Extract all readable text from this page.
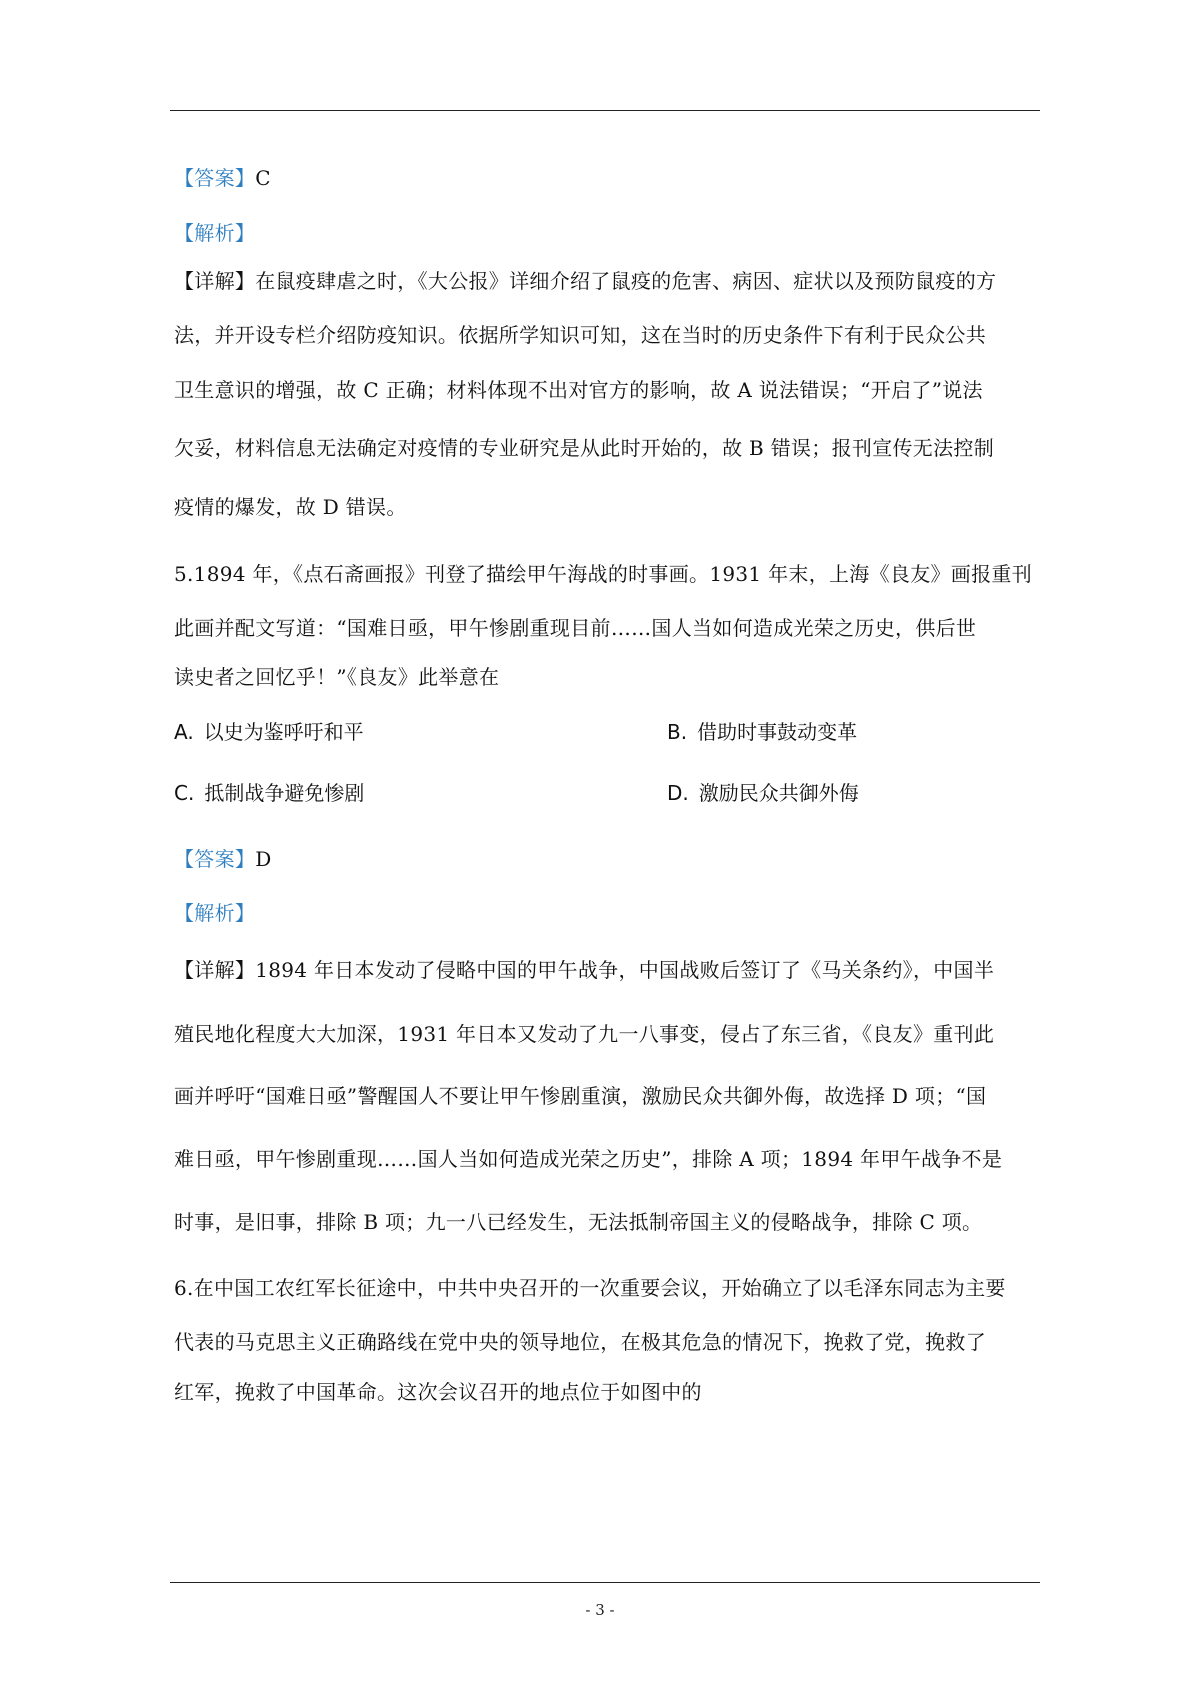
【答案】C
【解析】
【详解】在鼠疫肆虐之时，《大公报》详细介绍了鼠疫的危害、病因、症状以及预防鼠疫的方
法，并开设专栏介绍防疫知识。依据所学知识可知，这在当时的历史条件下有利于民众公共
卫生意识的增强，故 C 正确；材料体现不出对官方的影响，故 A 说法错误；“开启了”说法
欠妥，材料信息无法确定对疫情的专业研究是从此时开始的，故 B 错误；报刊宣传无法控制
疫情的爆发，故 D 错误。
5.1894 年，《点石斋画报》刊登了描绘甲午海战的时事画。1931 年末，上海《良友》画报重刊
此画并配文写道：“国难日亟，甲午惨剧重现目前……国人当如何造成光荣之历史，供后世
读史者之回忆乎！”《良友》此举意在
A. 以史为鉴呼吁和平	B. 借助时事鼓动变革
C. 抵制战争避免惨剧	D. 激励民众共御外侮
【答案】D
【解析】
【详解】1894 年日本发动了侵略中国的甲午战争，中国战败后签订了《马关条约》，中国半
殖民地化程度大大加深，1931 年日本又发动了九一八事变，侵占了东三省，《良友》重刊此
画并呼吁“国难日亟”警醒国人不要让甲午惨剧重演，激励民众共御外侮，故选择 D 项；“国
难日亟，甲午惨剧重现……国人当如何造成光荣之历史”，排除 A 项；1894 年甲午战争不是
时事，是旧事，排除 B 项；九一八已经发生，无法抵制帝国主义的侵略战争，排除 C 项。
6.在中国工农红军长征途中，中共中央召开的一次重要会议，开始确立了以毛泽东同志为主要
代表的马克思主义正确路线在党中央的领导地位，在极其危急的情况下，挽救了党，挽救了
红军，挽救了中国革命。这次会议召开的地点位于如图中的
- 3 -
